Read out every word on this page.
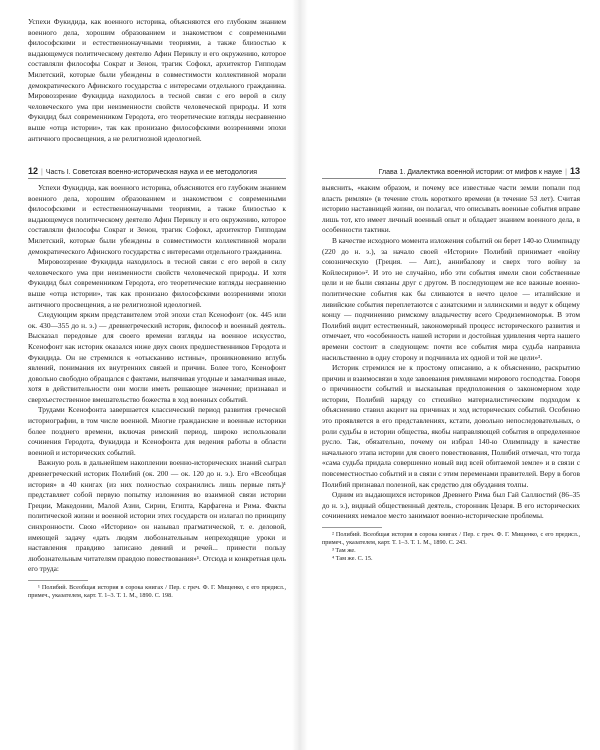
Успехи Фукидида, как военного историка, объясняются его глубоким знанием военного дела, хорошим образованием и знакомством с современными философскими и естественнонаучными теориями, а также близостью к выдающемуся политическому деятелю Афин Периклу и его окружению, которое составляли философы Сократ и Зенон, трагик Софокл, архитектор Гипподам Милетский, которые были убеждены в совместимости коллективной морали демократического Афинского государства с интересами отдельного гражданина. Мировоззрение Фукидида находилось в тесной связи с его верой в силу человеческого ума при неизменности свойств человеческой природы. И хотя Фукидид был современником Геродота, его теоретические взгляды несравненно выше «отца истории», так как пронизано философскими воззрениями эпохи античного просвещения, а не религиозной идеологией.
12 | Часть I. Советская военно-историческая наука и ее методология

Успехи Фукидида, как военного историка, объясняются его глубоким знанием военного дела, хорошим образованием и знакомством с современными философскими и естественнонаучными теориями, а также близостью к выдающемуся политическому деятелю Афин Периклу и его окружению, которое составляли философы Сократ и Зенон, трагик Софокл, архитектор Гипподам Милетский, которые были убеждены в совместимости коллективной морали демократического Афинского государства с интересами отдельного гражданина.

Мировоззрение Фукидида находилось в тесной связи с его верой в силу человеческого ума при неизменности свойств человеческой природы. И хотя Фукидид был современником Геродота, его теоретические взгляды несравненно выше «отца истории», так как пронизано философскими воззрениями эпохи античного просвещения, а не религиозной идеологией.

Следующим ярким представителем этой эпохи стал Ксенофонт (ок. 445 или ок. 430—355 до н. э.) — древнегреческий историк, философ и военный деятель. Высказал передовые для своего времени взгляды на военное искусство, Ксенофонт как историк оказался ниже двух своих предшественников Геродота и Фукидида. Он не стремился к «отысканию истины», проникновению вглубь явлений, понимания их внутренних связей и причин. Более того, Ксенофонт довольно свободно обращался с фактами, выпячивая угодные и замалчивая иные, хотя в действительности они могли иметь решающее значение; признавал и сверхъестественное вмешательство божества в ход военных событий.

Трудами Ксенофонта завершается классический период развития греческой историографии, в том числе военной. Многие гражданские и военные историки более позднего времени, включая римский период, широко использовали сочинения Геродота, Фукидида и Ксенофонта для ведения работы в области военной и исторических событий.

Важную роль в дальнейшем накоплении военно-исторических знаний сыграл древнегреческий историк Полибий (ок. 200 — ок. 120 до н. э.). Его «Всеобщая история» в 40 книгах (из них полностью сохранились лишь первые пять)¹ представляет собой первую попытку изложения во взаимной связи истории Греции, Македонии, Малой Азии, Сирии, Египта, Карфагена и Рима. Факты политической жизни и военной истории этих государств он излагал по принципу синхронности. Свою «Историю» он называл прагматической, т. е. деловой, имеющей задачу «дать людям любознательным непреходящие уроки и наставления правдиво записано деяний и речей... принести пользу любознательным читателям правдою повествования»¹. Отсюда и конкретная цель его труда:

¹ Полибий. Всеобщая история в сорока книгах / Пер. с греч. Ф. Г. Мищенко, с его предисл., примеч., указателем, карт. Т. 1–3. Т. 1. М., 1890. С. 198.

Глава 1. Диалектика военной истории: от мифов к науке | 13

выяснить, «каким образом, и почему все известные части земли попали под власть римлян» (в течение столь короткого времени (в течение 53 лет). Считая историю наставницей жизни, он полагал, что описывать военные события вправе лишь тот, кто имеет личный военный опыт и обладает знанием военного дела, в особенности тактики.

В качестве исходного момента изложения событий он берет 140-ю Олимпиаду (220 до н. э.), за начало своей «Истории» Полибий принимает «войну союзническую (Греция. — Авт.), аннибалову и сверх того войну за Койлесирию»². И это не случайно, ибо эти события имели свои собственные цели и не были связаны друг с другом. В последующем же все важные военно-политические события как бы сливаются в нечто целое — италийские и ливийские события переплетаются с азиатскими и эллинскими и ведут к общему концу — подчинению римскому владычеству всего Средиземноморья. В этом Полибий видит естественный, закономерный процесс исторического развития и отмечает, что «особенность нашей истории и достойная удивления черта нашего времени состоит в следующем: почти все события мира судьба направила насильственно в одну сторону и подчинила их одной и той же цели»³.

Историк стремился не к простому описанию, а к объяснению, раскрытию причин и взаимосвязи в ходе завоевания римлянами мирового господства. Говоря о причинности событий и высказывая предположения о закономерном ходе истории, Полибий наряду со стихийно материалистическим подходом к объяснению ставил акцент на причинах и ход исторических событий. Особенно это проявляется в его представлениях, кстати, довольно непоследовательных, о роли судьбы в истории общества, якобы направляющей события в определенное русло. Так, обязательно, почему он избрал 140-ю Олимпиаду в качестве начального этапа истории для своего повествования, Полибий отмечал, что тогда «сама судьба придала совершенно новый вид всей обитаемой земле» и в связи с повсеместностью событий и в связи с этим переменами правителей. Веру в богов Полибий признавал полезной, как средство для обуздания толпы.

Одним из выдающихся историков Древнего Рима был Гай Саллюстий (86–35 до н. э.), видный общественный деятель, сторонник Цезаря. В его исторических сочинениях немалое место занимают военно-исторические проблемы.

² Полибий. Всеобщая история в сорока книгах / Пер. с греч. Ф. Г. Мищенко, с его предисл., примеч., указателем, карт. Т. 1–3. Т. 1. М., 1890. С. 243.

³ Там же.

⁴ Там же. С. 15.
